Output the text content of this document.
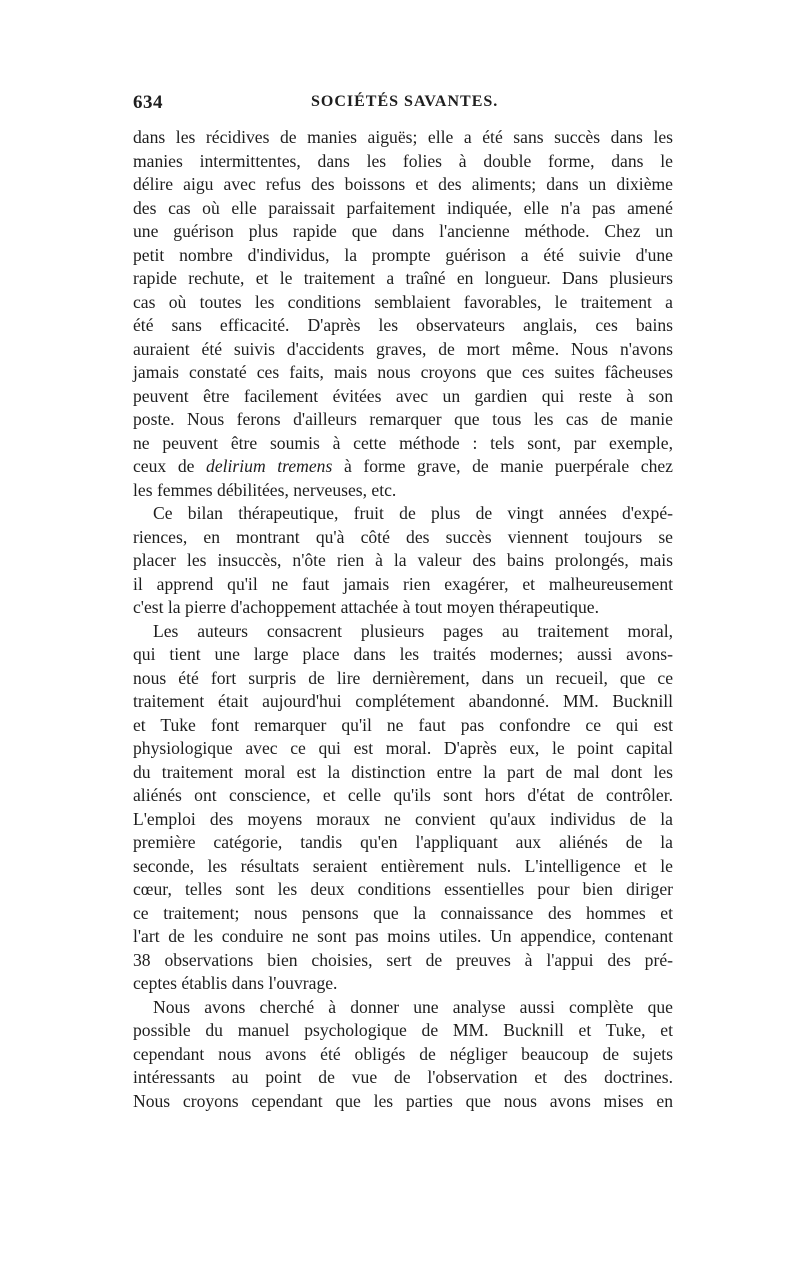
634	SOCIÉTÉS SAVANTES.
dans les récidives de manies aiguës; elle a été sans succès dans les
manies intermittentes, dans les folies à double forme, dans le
délire aigu avec refus des boissons et des aliments; dans un dixième
des cas où elle paraissait parfaitement indiquée, elle n'a pas amené
une guérison plus rapide que dans l'ancienne méthode. Chez un
petit nombre d'individus, la prompte guérison a été suivie d'une
rapide rechute, et le traitement a traîné en longueur. Dans plusieurs
cas où toutes les conditions semblaient favorables, le traitement a
été sans efficacité. D'après les observateurs anglais, ces bains
auraient été suivis d'accidents graves, de mort même. Nous n'avons
jamais constaté ces faits, mais nous croyons que ces suites fâcheuses
peuvent être facilement évitées avec un gardien qui reste à son
poste. Nous ferons d'ailleurs remarquer que tous les cas de manie
ne peuvent être soumis à cette méthode : tels sont, par exemple,
ceux de delirium tremens à forme grave, de manie puerpérale chez
les femmes débilitées, nerveuses, etc.
Ce bilan thérapeutique, fruit de plus de vingt années d'expé-
riences, en montrant qu'à côté des succès viennent toujours se
placer les insuccès, n'ôte rien à la valeur des bains prolongés, mais
il apprend qu'il ne faut jamais rien exagérer, et malheureusement
c'est la pierre d'achoppement attachée à tout moyen thérapeutique.
Les auteurs consacrent plusieurs pages au traitement moral,
qui tient une large place dans les traités modernes; aussi avons-
nous été fort surpris de lire dernièrement, dans un recueil, que ce
traitement était aujourd'hui complétement abandonné. MM. Bucknill
et Tuke font remarquer qu'il ne faut pas confondre ce qui est
physiologique avec ce qui est moral. D'après eux, le point capital
du traitement moral est la distinction entre la part de mal dont les
aliénés ont conscience, et celle qu'ils sont hors d'état de contrôler.
L'emploi des moyens moraux ne convient qu'aux individus de la
première catégorie, tandis qu'en l'appliquant aux aliénés de la
seconde, les résultats seraient entièrement nuls. L'intelligence et le
cœur, telles sont les deux conditions essentielles pour bien diriger
ce traitement; nous pensons que la connaissance des hommes et
l'art de les conduire ne sont pas moins utiles. Un appendice, contenant
38 observations bien choisies, sert de preuves à l'appui des pré-
ceptes établis dans l'ouvrage.
Nous avons cherché à donner une analyse aussi complète que
possible du manuel psychologique de MM. Bucknill et Tuke, et
cependant nous avons été obligés de négliger beaucoup de sujets
intéressants au point de vue de l'observation et des doctrines.
Nous croyons cependant que les parties que nous avons mises en
